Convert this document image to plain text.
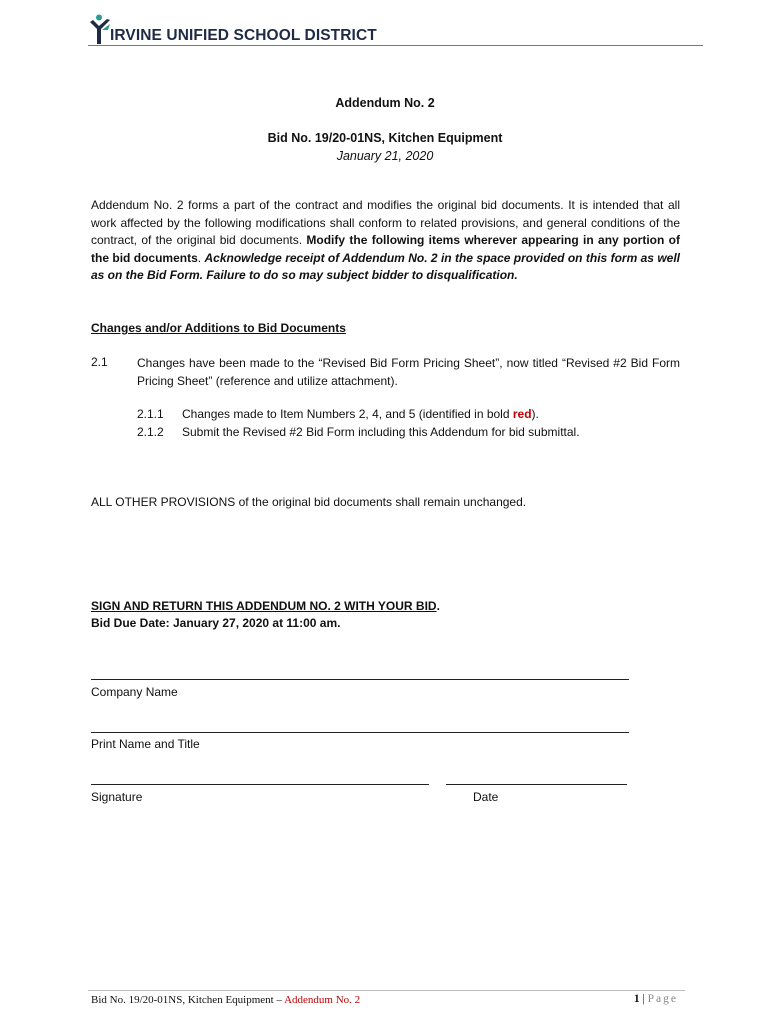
IRVINE UNIFIED SCHOOL DISTRICT
Addendum No. 2
Bid No. 19/20-01NS, Kitchen Equipment
January 21, 2020
Addendum No. 2 forms a part of the contract and modifies the original bid documents. It is intended that all work affected by the following modifications shall conform to related provisions, and general conditions of the contract, of the original bid documents. Modify the following items wherever appearing in any portion of the bid documents. Acknowledge receipt of Addendum No. 2 in the space provided on this form as well as on the Bid Form. Failure to do so may subject bidder to disqualification.
Changes and/or Additions to Bid Documents
2.1 Changes have been made to the “Revised Bid Form Pricing Sheet”, now titled “Revised #2 Bid Form Pricing Sheet” (reference and utilize attachment).
2.1.1 Changes made to Item Numbers 2, 4, and 5 (identified in bold red).
2.1.2 Submit the Revised #2 Bid Form including this Addendum for bid submittal.
ALL OTHER PROVISIONS of the original bid documents shall remain unchanged.
SIGN AND RETURN THIS ADDENDUM NO. 2 WITH YOUR BID.
Bid Due Date: January 27, 2020 at 11:00 am.
Company Name
Print Name and Title
Signature	Date
Bid No. 19/20-01NS, Kitchen Equipment – Addendum No. 2	1 | Page
